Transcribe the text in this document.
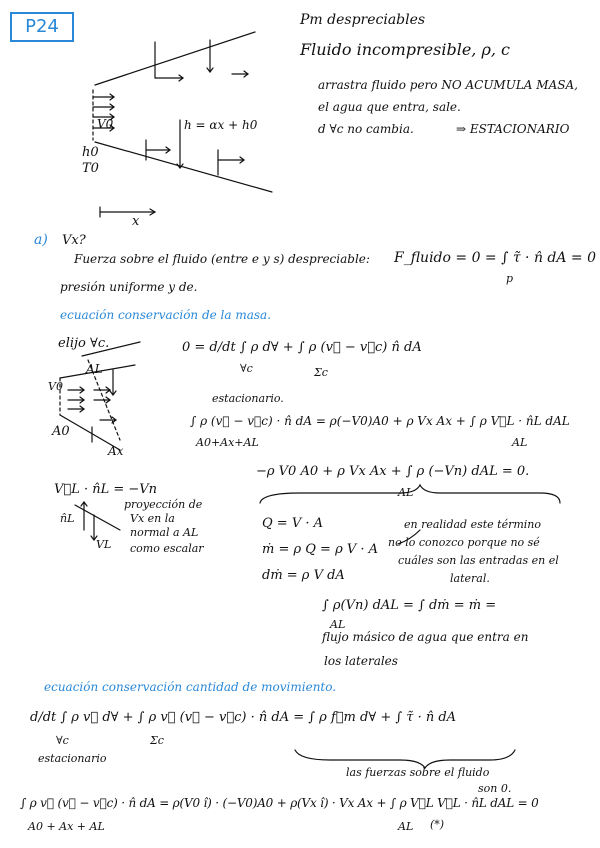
P24	Pm despreciables
Fluido incompresible, ρ, c
arrastra fluido pero NO ACUMULA MASA,
el agua que entra, sale.
d ∀c no cambia.	⇒ ESTACIONARIO
V0
h0
T0
h = αx + h0
x
a) Vx?
Fuerza sobre el fluido (entre e y s) despreciable: F_fluido = 0 = ∫ τ̃ · n̂ dA = 0
p
presión uniforme y de.
ecuación conservación de la masa.
elijo ∀c.	0 = d/dt ∫ ρ d∀ + ∫ ρ (v⃗ − v⃗c) n̂ dA
∀c	Σc
estacionario.
V0
AL
A0
Ax
∫ ρ (v⃗ − v⃗c) · n̂ dA = ρ(−V0)A0 + ρ Vx Ax + ∫ ρ V⃗L · n̂L dAL
A0+Ax+AL	AL
−ρ V0 A0 + ρ Vx Ax + ∫ ρ (−Vn) dAL = 0.
AL
V⃗L · n̂L = −Vn
proyección de
Vx en la
normal a AL
como escalar
n̂L
VL
Q = V · A
ṁ = ρ Q = ρ V · A
dṁ = ρ V dA
en realidad este término
no lo conozco porque no sé
cuáles son las entradas en el
lateral.
∫ ρ(Vn) dAL = ∫ dṁ = ṁ =
AL
flujo másico de agua que entra en
los laterales
ecuación conservación cantidad de movimiento.
d/dt ∫ ρ v⃗ d∀ + ∫ ρ v⃗ (v⃗ − v⃗c) · n̂ dA = ∫ ρ f⃗m d∀ + ∫ τ̃ · n̂ dA
∀c	Σc
estacionario
las fuerzas sobre el fluido
son 0.
∫ ρ v⃗ (v⃗ − v⃗c) · n̂ dA = ρ(V0 î) · (−V0)A0 + ρ(Vx î) · Vx Ax + ∫ ρ V⃗L V⃗L · n̂L dAL = 0
A0 + Ax + AL	AL (*)
